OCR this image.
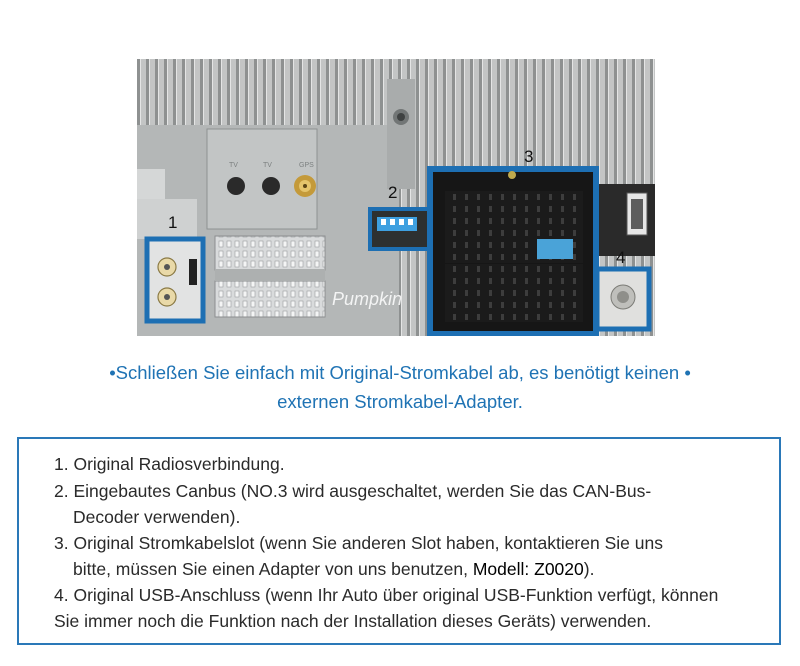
TV	TV	GPS
Pumpkin
1
2
3
4
•Schließen Sie einfach mit Original-Stromkabel ab, es benötigt keinen •
externen Stromkabel-Adapter.
1. Original Radiosverbindung.
2. Eingebautes Canbus (NO.3 wird ausgeschaltet, werden Sie das CAN-Bus-
Decoder verwenden).
3. Original Stromkabelslot (wenn Sie anderen Slot haben, kontaktieren Sie uns
bitte, müssen Sie einen Adapter von uns benutzen, Modell: Z0020).
4. Original USB-Anschluss (wenn Ihr Auto über original USB-Funktion verfügt, können
Sie immer noch die Funktion nach der Installation dieses Geräts) verwenden.
